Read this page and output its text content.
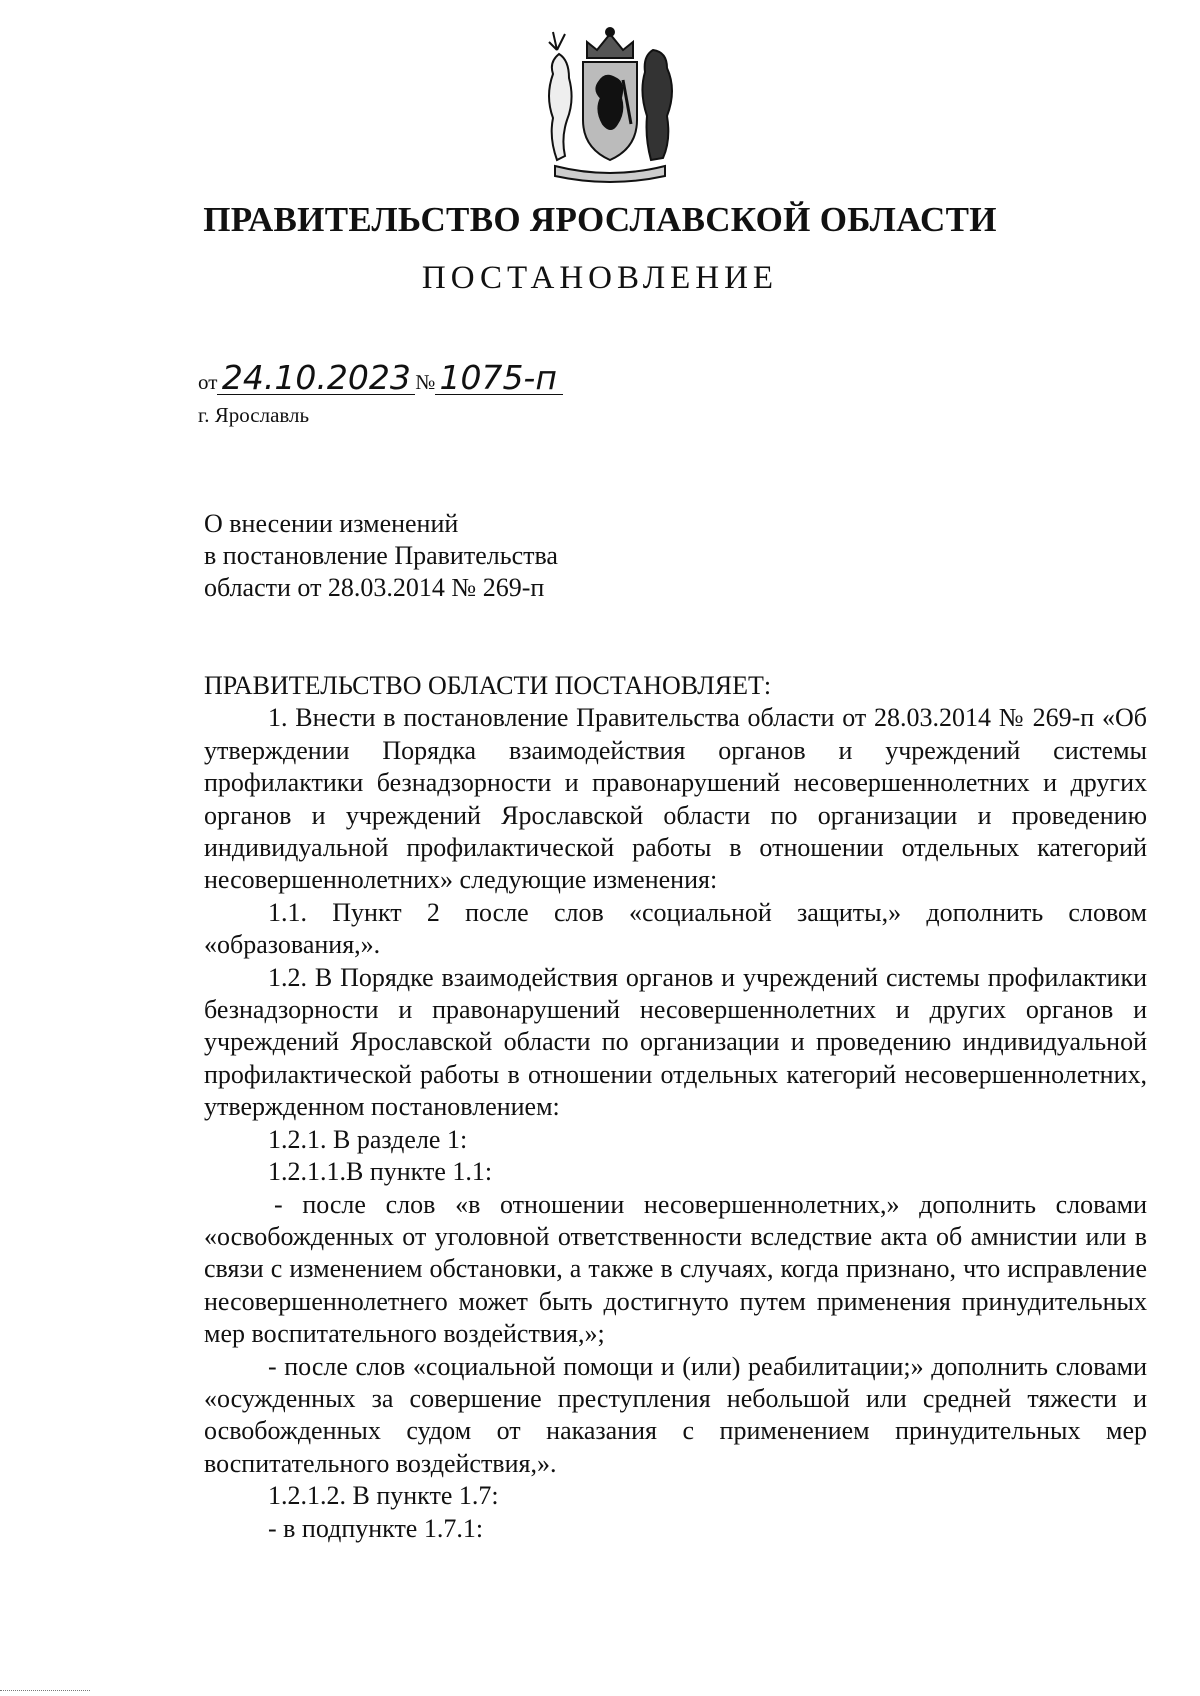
ПРАВИТЕЛЬСТВО ЯРОСЛАВСКОЙ ОБЛАСТИ
ПОСТАНОВЛЕНИЕ
от 24.10.2023 № 1075-п
г. Ярославль
О внесении изменений
в постановление Правительства
области от 28.03.2014 № 269-п

ПРАВИТЕЛЬСТВО ОБЛАСТИ ПОСТАНОВЛЯЕТ:

1. Внести в постановление Правительства области от 28.03.2014 № 269-п «Об утверждении Порядка взаимодействия органов и учреждений системы профилактики безнадзорности и правонарушений несовершеннолетних и других органов и учреждений Ярославской области по организации и проведению индивидуальной профилактической работы в отношении отдельных категорий несовершеннолетних» следующие изменения:

1.1. Пункт 2 после слов «социальной защиты,» дополнить словом «образования,».

1.2. В Порядке взаимодействия органов и учреждений системы профилактики безнадзорности и правонарушений несовершеннолетних и других органов и учреждений Ярославской области по организации и проведению индивидуальной профилактической работы в отношении отдельных категорий несовершеннолетних, утвержденном постановлением:

1.2.1. В разделе 1:

1.2.1.1.В пункте 1.1:

- после слов «в отношении несовершеннолетних,» дополнить словами «освобожденных от уголовной ответственности вследствие акта об амнистии или в связи с изменением обстановки, а также в случаях, когда признано, что исправление несовершеннолетнего может быть достигнуто путем применения принудительных мер воспитательного воздействия,»;

- после слов «социальной помощи и (или) реабилитации;» дополнить словами «осужденных за совершение преступления небольшой или средней тяжести и освобожденных судом от наказания с применением принудительных мер воспитательного воздействия,».

1.2.1.2. В пункте 1.7:

- в подпункте 1.7.1:
